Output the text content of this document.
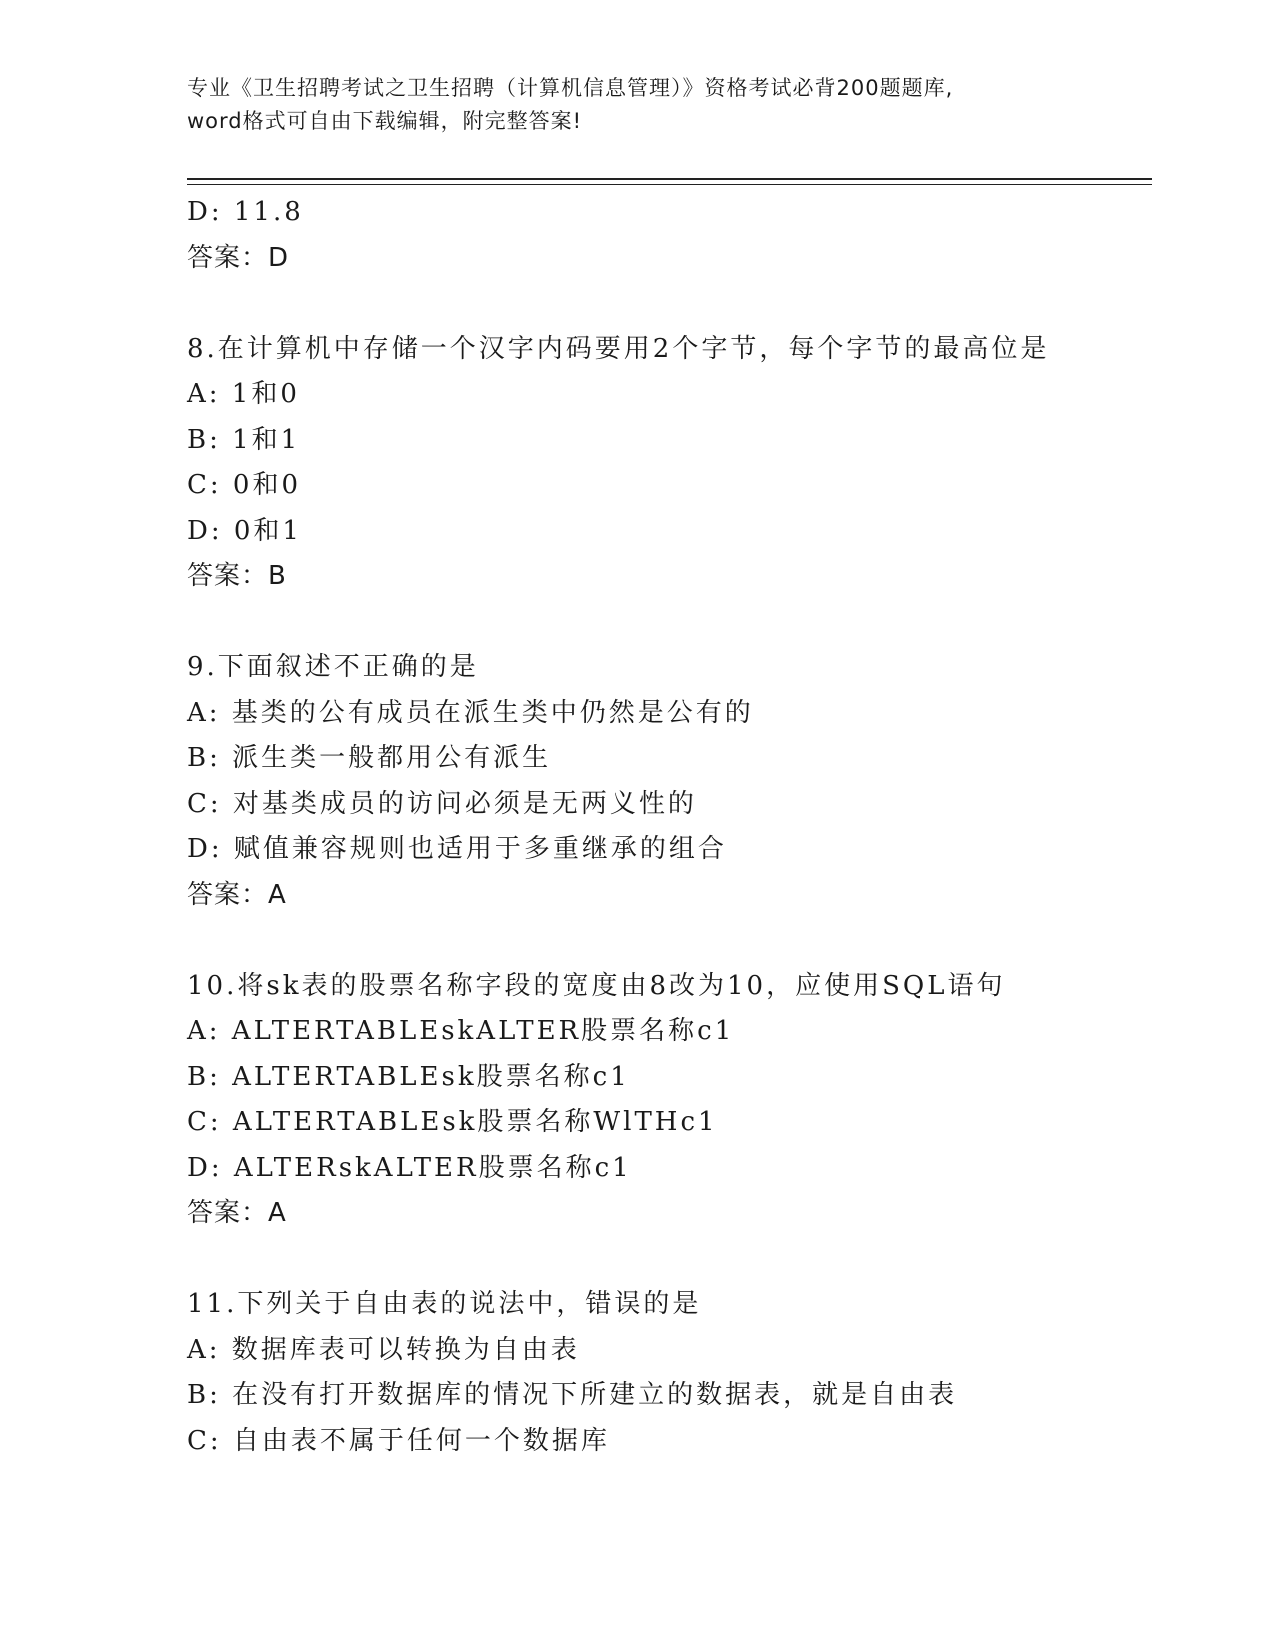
专业《卫生招聘考试之卫生招聘（计算机信息管理）》资格考试必背200题题库,
word格式可自由下载编辑，附完整答案!
D: 11.8
答案：D
8.在计算机中存储一个汉字内码要用2个字节，每个字节的最高位是
A: 1和0
B: 1和1
C: 0和0
D: 0和1
答案：B
9.下面叙述不正确的是
A: 基类的公有成员在派生类中仍然是公有的
B: 派生类一般都用公有派生
C: 对基类成员的访问必须是无两义性的
D: 赋值兼容规则也适用于多重继承的组合
答案：A
10.将sk表的股票名称字段的宽度由8改为10，应使用SQL语句
A: ALTERTABLEskALTER股票名称c1
B: ALTERTABLEsk股票名称c1
C: ALTERTABLEsk股票名称WlTHc1
D: ALTERskALTER股票名称c1
答案：A
11.下列关于自由表的说法中，错误的是
A: 数据库表可以转换为自由表
B: 在没有打开数据库的情况下所建立的数据表，就是自由表
C: 自由表不属于任何一个数据库
